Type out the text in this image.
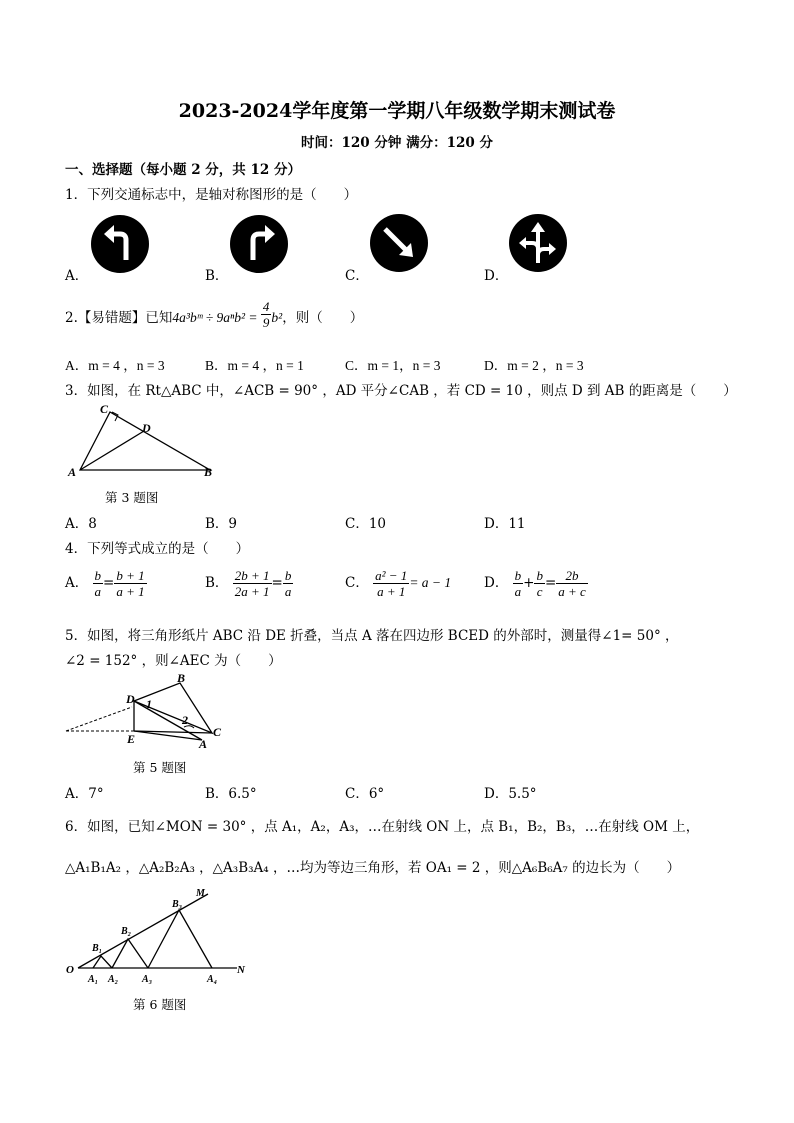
2023-2024学年度第一学期八年级数学期末测试卷
时间：120 分钟 满分：120 分
一、选择题（每小题 2 分，共 12 分）
1．下列交通标志中，是轴对称图形的是（　　）
A．	B．	C．	D．
2.【易错题】已知4a³bᵐ ÷ $9a^nb^2 = \frac{4}{9} b^2$，则（　　）
A．m = 4 ，n = 3	B．m = 4 ，n = 1	C．m = 1，n = 3	D．m = 2 ，n = 3
3．如图，在 Rt△ABC 中，∠ACB = 90° ，AD 平分∠CAB ，若 CD = 10 ，则点 D 到 AB 的距离是（　　）
C
D
A	B
第 3 题图
A．8	B．9	C．10	D．11
4．下列等式成立的是（　　）
A． $\frac{b}{a} = \frac{b + 1}{a + 1}$	B． $\frac{2b + 1}{2a + 1} = \frac{b}{a}$	C． $\frac{\text{a² − 1}}{a + 1} = a - 1$ D． $\frac{b}{a} + \frac{b}{c} = \frac{2b}{a + c}$
5．如图，将三角形纸片 ABC 沿 DE 折叠，当点 A 落在四边形 BCED 的外部时，测量得∠1= 50° ，
∠2 = 152° ，则∠AEC 为（　　）
B
D 1
2
C
E	A
第 5 题图
A．7°	B．6.5°	C．6°	D．5.5°
6．如图，已知∠MON = 30° ，点 A₁，A₂，A₃，…在射线 ON 上，点 B₁，B₂，B₃，…在射线 OM 上，
△A₁B₁A₂ ，△A₂B₂A₃ ，△A₃B₃A₄ ，…均为等边三角形，若 OA₁ = 2 ，则△A₆B₆A₇ 的边长为（　　）
O
A₁ A₂ A₃	A₄
N
B₁
B₂
B₃
M
第 6 题图
